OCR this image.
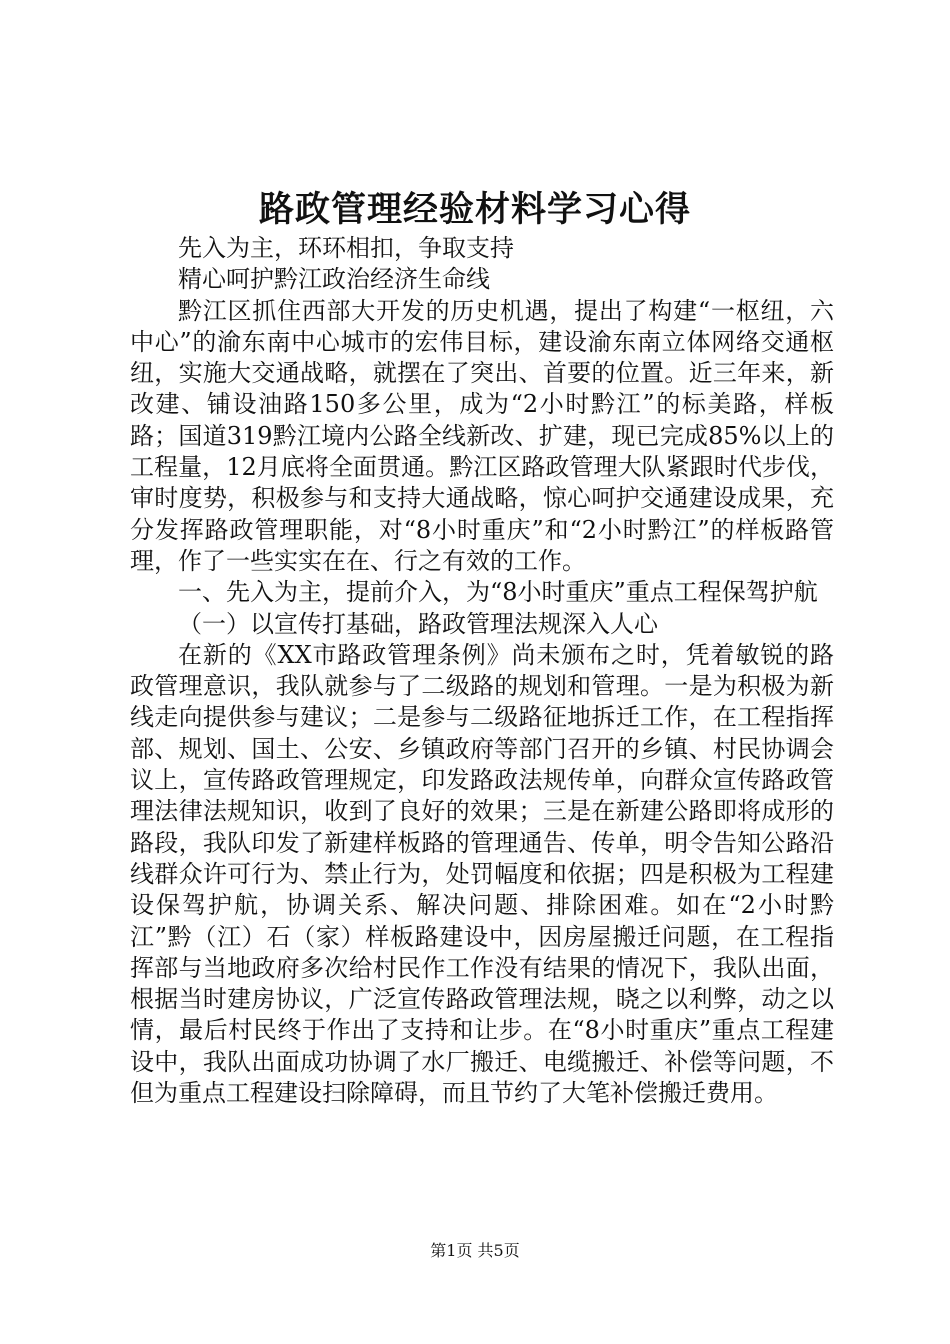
路政管理经验材料学习心得

先入为主，环环相扣，争取支持

精心呵护黔江政治经济生命线

黔江区抓住西部大开发的历史机遇，提出了构建“一枢纽，六中心”的渝东南中心城市的宏伟目标，建设渝东南立体网络交通枢纽，实施大交通战略，就摆在了突出、首要的位置。近三年来，新改建、铺设油路150多公里，成为“2小时黔江”的标美路，样板路；国道319黔江境内公路全线新改、扩建，现已完成85%以上的工程量，12月底将全面贯通。黔江区路政管理大队紧跟时代步伐，审时度势，积极参与和支持大通战略，惊心呵护交通建设成果，充分发挥路政管理职能，对“8小时重庆”和“2小时黔江”的样板路管理，作了一些实实在在、行之有效的工作。

一、先入为主，提前介入，为“8小时重庆”重点工程保驾护航

（一）以宣传打基础，路政管理法规深入人心

在新的《XX市路政管理条例》尚未颁布之时，凭着敏锐的路政管理意识，我队就参与了二级路的规划和管理。一是为积极为新线走向提供参与建议；二是参与二级路征地拆迁工作，在工程指挥部、规划、国土、公安、乡镇政府等部门召开的乡镇、村民协调会议上，宣传路政管理规定，印发路政法规传单，向群众宣传路政管理法律法规知识，收到了良好的效果；三是在新建公路即将成形的路段，我队印发了新建样板路的管理通告、传单，明令告知公路沿线群众许可行为、禁止行为，处罚幅度和依据；四是积极为工程建设保驾护航，协调关系、解决问题、排除困难。如在“2小时黔江”黔（江）石（家）样板路建设中，因房屋搬迁问题，在工程指挥部与当地政府多次给村民作工作没有结果的情况下，我队出面，根据当时建房协议，广泛宣传路政管理法规，晓之以利弊，动之以情，最后村民终于作出了支持和让步。在“8小时重庆”重点工程建设中，我队出面成功协调了水厂搬迁、电缆搬迁、补偿等问题，不但为重点工程建设扫除障碍，而且节约了大笔补偿搬迁费用。

第1页 共5页
